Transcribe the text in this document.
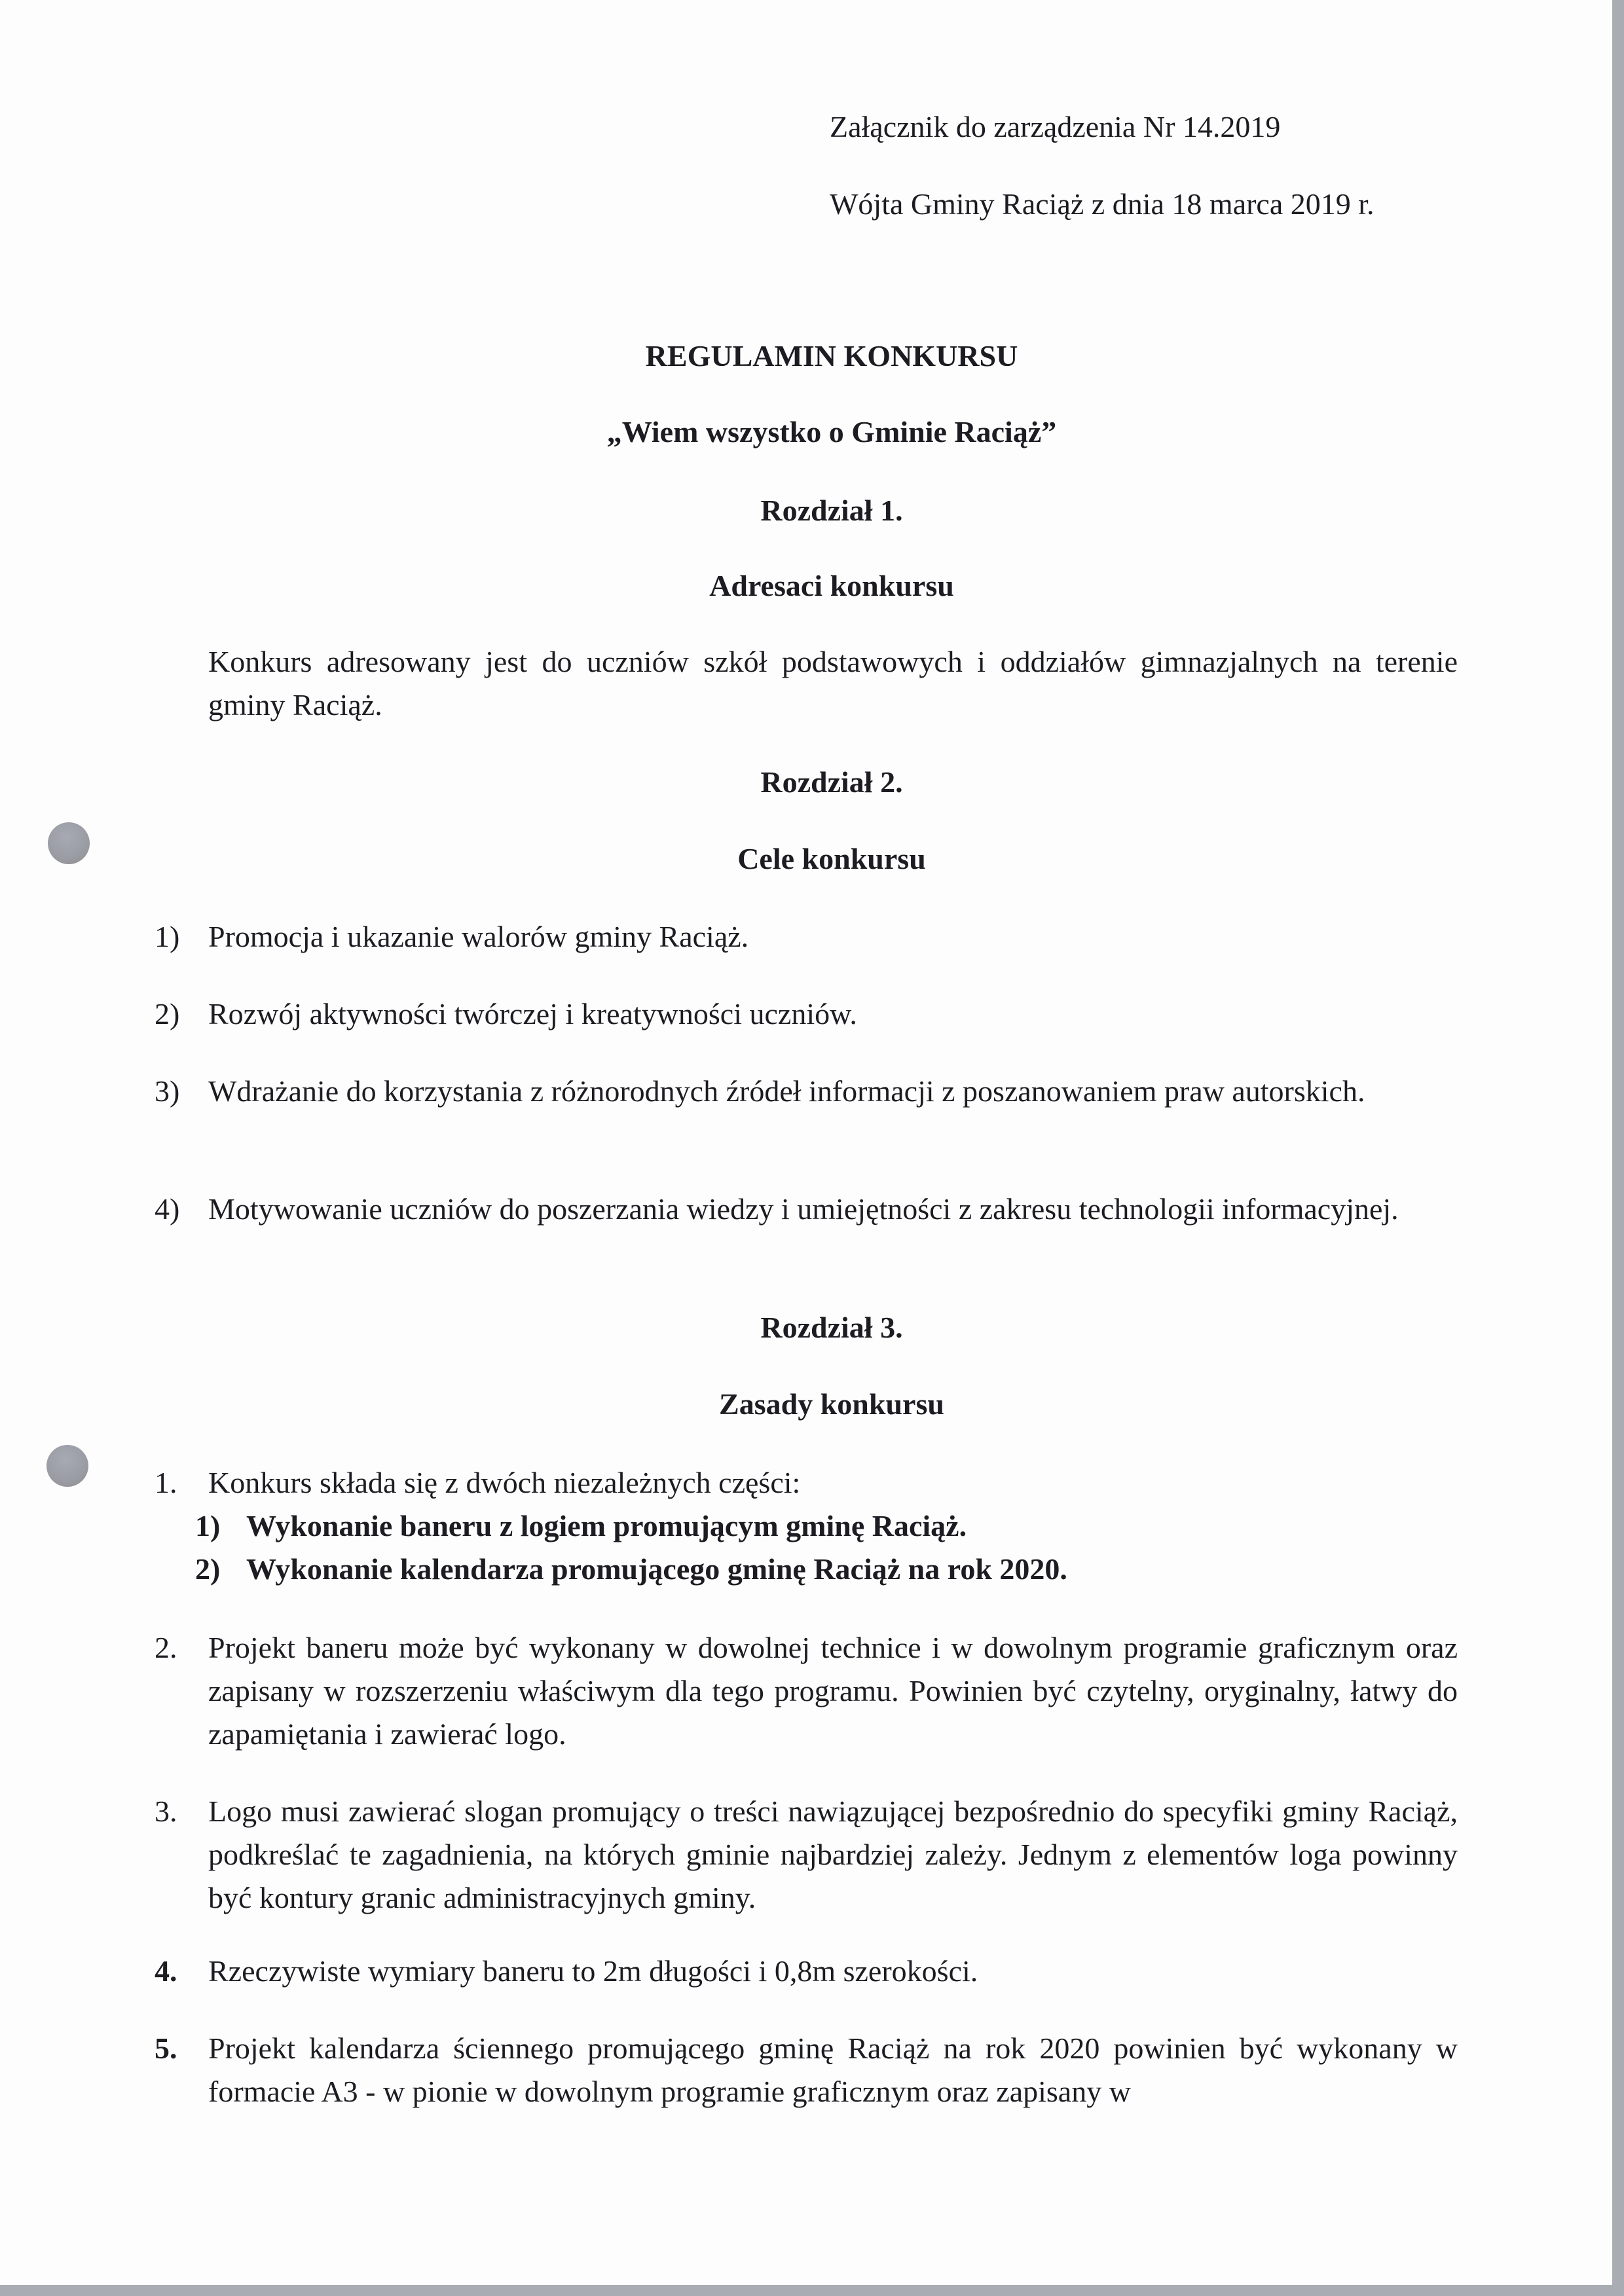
Załącznik do zarządzenia Nr 14.2019
Wójta Gminy Raciąż z dnia 18 marca 2019 r.
REGULAMIN KONKURSU
„Wiem wszystko o Gminie Raciąż”
Rozdział 1.
Adresaci konkursu
Konkurs adresowany jest do uczniów szkół podstawowych i oddziałów gimnazjalnych na terenie gminy Raciąż.
Rozdział 2.
Cele konkursu
1) Promocja i ukazanie walorów gminy Raciąż.
2) Rozwój aktywności twórczej i kreatywności uczniów.
3) Wdrażanie do korzystania z różnorodnych źródeł informacji z poszanowaniem praw autorskich.
4) Motywowanie uczniów do poszerzania wiedzy i umiejętności z zakresu technologii informacyjnej.
Rozdział 3.
Zasady konkursu
1.	Konkurs składa się z dwóch niezależnych części:
1) Wykonanie baneru z logiem promującym gminę Raciąż.
2) Wykonanie kalendarza promującego gminę Raciąż na rok 2020.
2.	Projekt baneru może być wykonany w dowolnej technice i w dowolnym programie graficznym oraz zapisany w rozszerzeniu właściwym dla tego programu. Powinien być czytelny, oryginalny, łatwy do zapamiętania i zawierać logo.
3.	Logo musi zawierać slogan promujący o treści nawiązującej bezpośrednio do specyfiki gminy Raciąż, podkreślać te zagadnienia, na których gminie najbardziej zależy. Jednym z elementów loga powinny być kontury granic administracyjnych gminy.
4.	Rzeczywiste wymiary baneru to 2m długości i 0,8m szerokości.
5.	Projekt kalendarza ściennego promującego gminę Raciąż na rok 2020 powinien być wykonany w formacie A3 - w pionie w dowolnym programie graficznym oraz zapisany w
